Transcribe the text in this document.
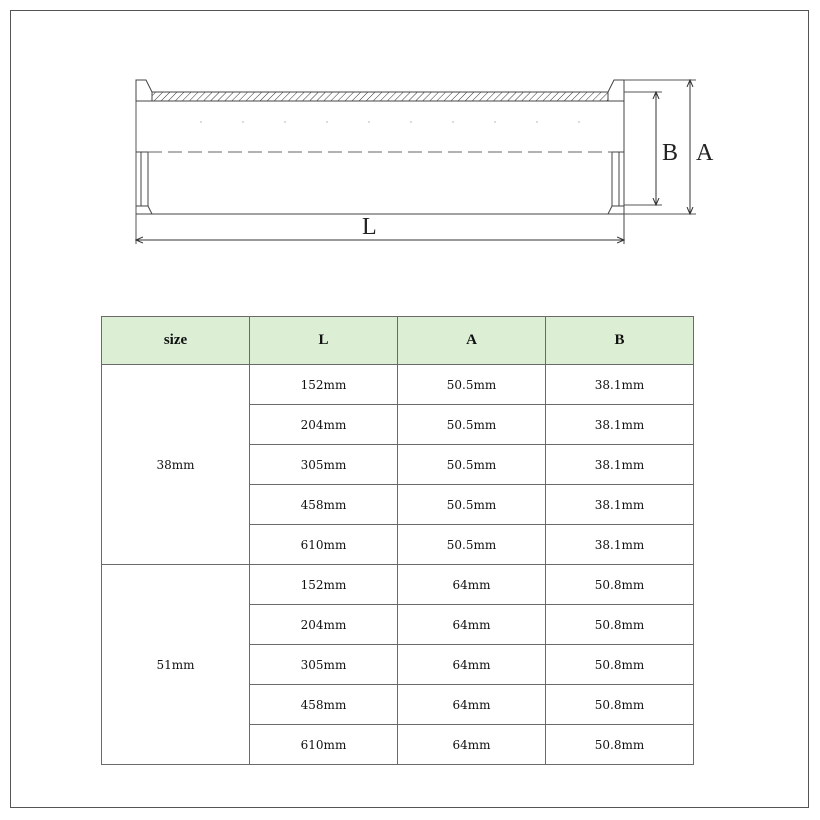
L
B A
size	L	A	B
38mm	152mm	50.5mm	38.1mm
	204mm	50.5mm	38.1mm
	305mm	50.5mm	38.1mm
	458mm	50.5mm	38.1mm
	610mm	50.5mm	38.1mm
51mm	152mm	64mm	50.8mm
	204mm	64mm	50.8mm
	305mm	64mm	50.8mm
	458mm	64mm	50.8mm
	610mm	64mm	50.8mm
